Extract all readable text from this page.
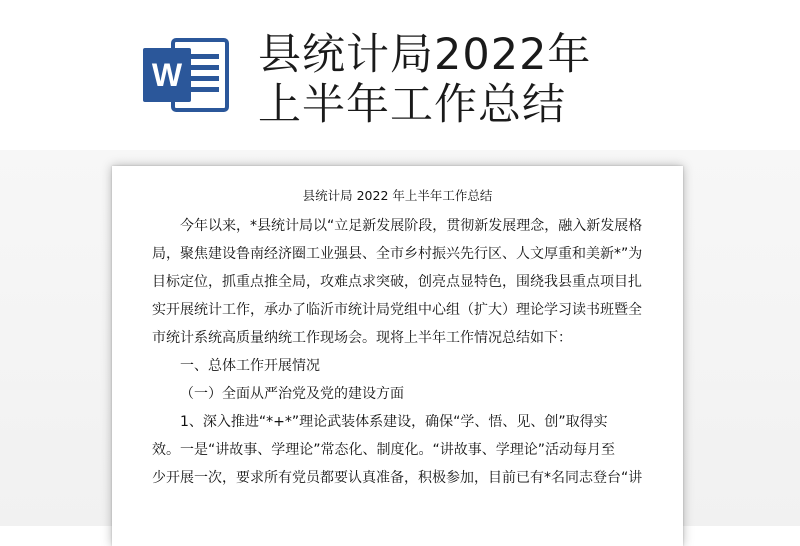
W 县统计局2022年
上半年工作总结
县统计局 2022 年上半年工作总结
今年以来，*县统计局以“立足新发展阶段，贯彻新发展理念，融入新发展格
局，聚焦建设鲁南经济圈工业强县、全市乡村振兴先行区、人文厚重和美新*”为
目标定位，抓重点推全局，攻难点求突破，创亮点显特色，围绕我县重点项目扎
实开展统计工作，承办了临沂市统计局党组中心组（扩大）理论学习读书班暨全
市统计系统高质量纳统工作现场会。现将上半年工作情况总结如下：
一、总体工作开展情况
（一）全面从严治党及党的建设方面
1、深入推进“*+*”理论武装体系建设，确保“学、悟、见、创”取得实
效。一是“讲故事、学理论”常态化、制度化。“讲故事、学理论”活动每月至
少开展一次，要求所有党员都要认真准备，积极参加，目前已有*名同志登台“讲
